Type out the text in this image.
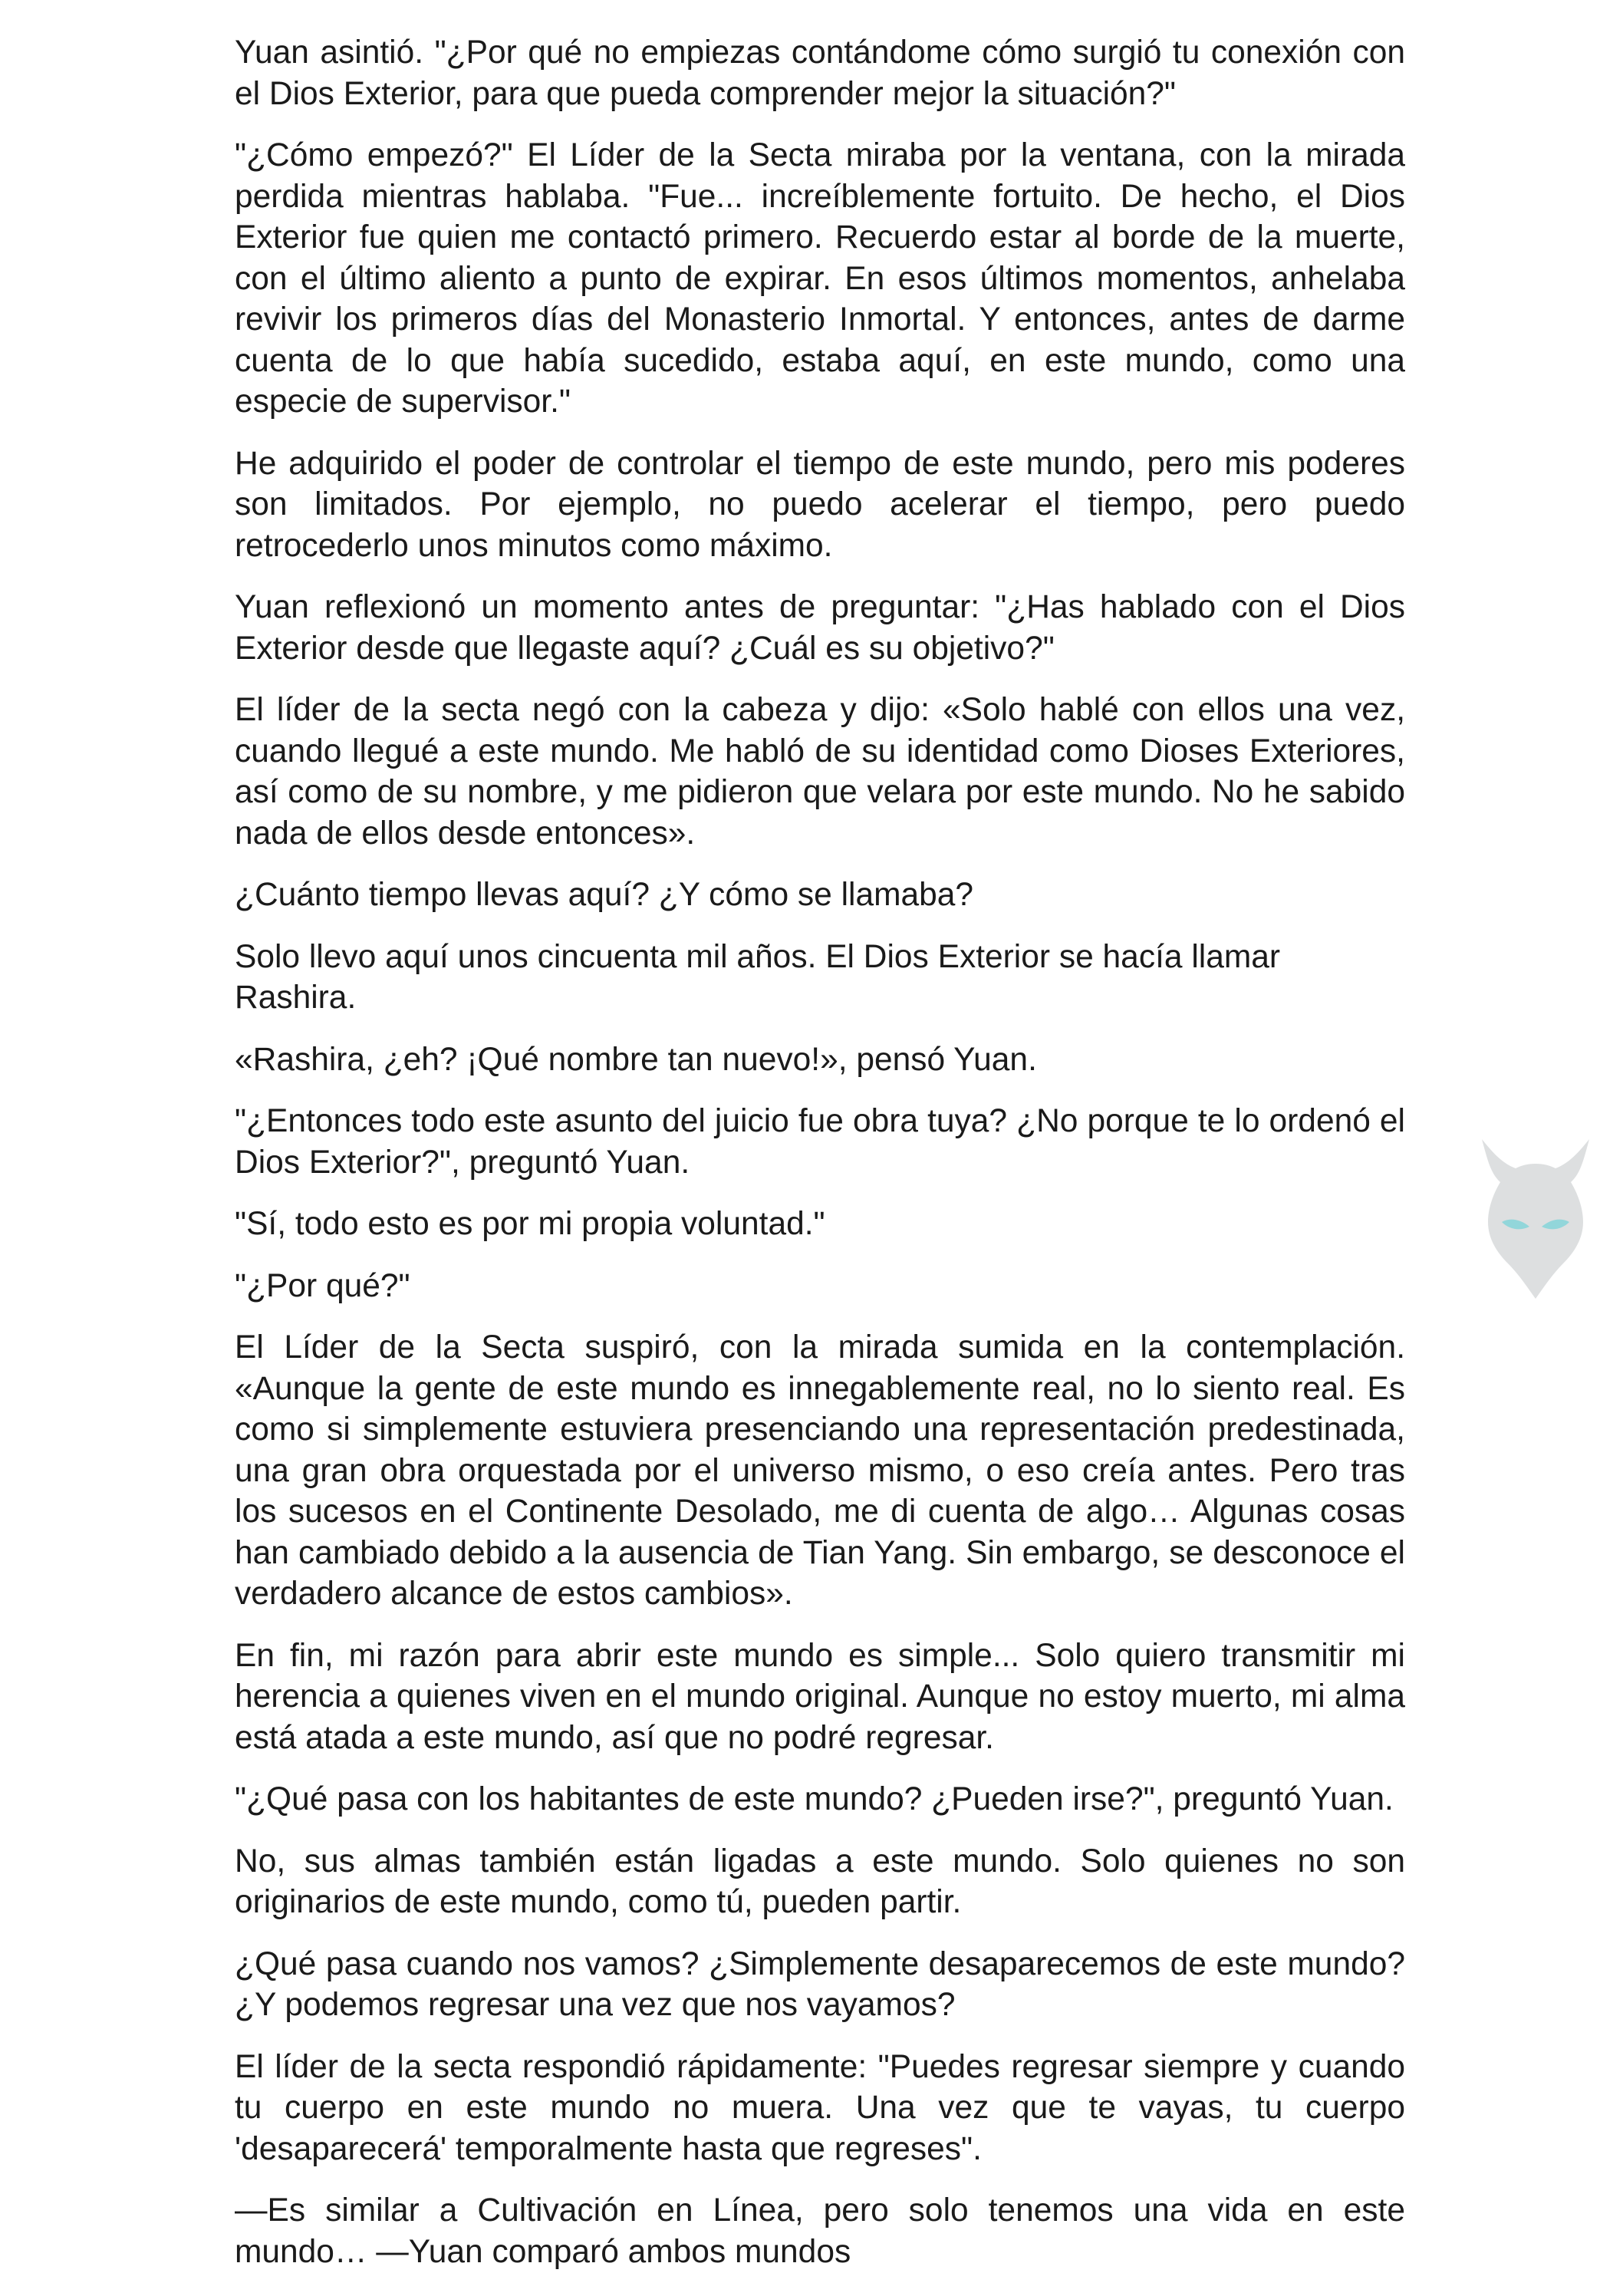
Yuan asintió. "¿Por qué no empiezas contándome cómo surgió tu conexión con el Dios Exterior, para que pueda comprender mejor la situación?"

"¿Cómo empezó?" El Líder de la Secta miraba por la ventana, con la mirada perdida mientras hablaba. "Fue... increíblemente fortuito. De hecho, el Dios Exterior fue quien me contactó primero. Recuerdo estar al borde de la muerte, con el último aliento a punto de expirar. En esos últimos momentos, anhelaba revivir los primeros días del Monasterio Inmortal. Y entonces, antes de darme cuenta de lo que había sucedido, estaba aquí, en este mundo, como una especie de supervisor."

He adquirido el poder de controlar el tiempo de este mundo, pero mis poderes son limitados. Por ejemplo, no puedo acelerar el tiempo, pero puedo retrocederlo unos minutos como máximo.

Yuan reflexionó un momento antes de preguntar: "¿Has hablado con el Dios Exterior desde que llegaste aquí? ¿Cuál es su objetivo?"

El líder de la secta negó con la cabeza y dijo: «Solo hablé con ellos una vez, cuando llegué a este mundo. Me habló de su identidad como Dioses Exteriores, así como de su nombre, y me pidieron que velara por este mundo. No he sabido nada de ellos desde entonces».

¿Cuánto tiempo llevas aquí? ¿Y cómo se llamaba?

Solo llevo aquí unos cincuenta mil años. El Dios Exterior se hacía llamar Rashira.

«Rashira, ¿eh? ¡Qué nombre tan nuevo!», pensó Yuan.

"¿Entonces todo este asunto del juicio fue obra tuya? ¿No porque te lo ordenó el Dios Exterior?", preguntó Yuan.

"Sí, todo esto es por mi propia voluntad."

"¿Por qué?"

El Líder de la Secta suspiró, con la mirada sumida en la contemplación. «Aunque la gente de este mundo es innegablemente real, no lo siento real. Es como si simplemente estuviera presenciando una representación predestinada, una gran obra orquestada por el universo mismo, o eso creía antes. Pero tras los sucesos en el Continente Desolado, me di cuenta de algo… Algunas cosas han cambiado debido a la ausencia de Tian Yang. Sin embargo, se desconoce el verdadero alcance de estos cambios».

En fin, mi razón para abrir este mundo es simple... Solo quiero transmitir mi herencia a quienes viven en el mundo original. Aunque no estoy muerto, mi alma está atada a este mundo, así que no podré regresar.

"¿Qué pasa con los habitantes de este mundo? ¿Pueden irse?", preguntó Yuan.

No, sus almas también están ligadas a este mundo. Solo quienes no son originarios de este mundo, como tú, pueden partir.

¿Qué pasa cuando nos vamos? ¿Simplemente desaparecemos de este mundo? ¿Y podemos regresar una vez que nos vayamos?

El líder de la secta respondió rápidamente: "Puedes regresar siempre y cuando tu cuerpo en este mundo no muera. Una vez que te vayas, tu cuerpo 'desaparecerá' temporalmente hasta que regreses".

—Es similar a Cultivación en Línea, pero solo tenemos una vida en este mundo… —Yuan comparó ambos mundos
